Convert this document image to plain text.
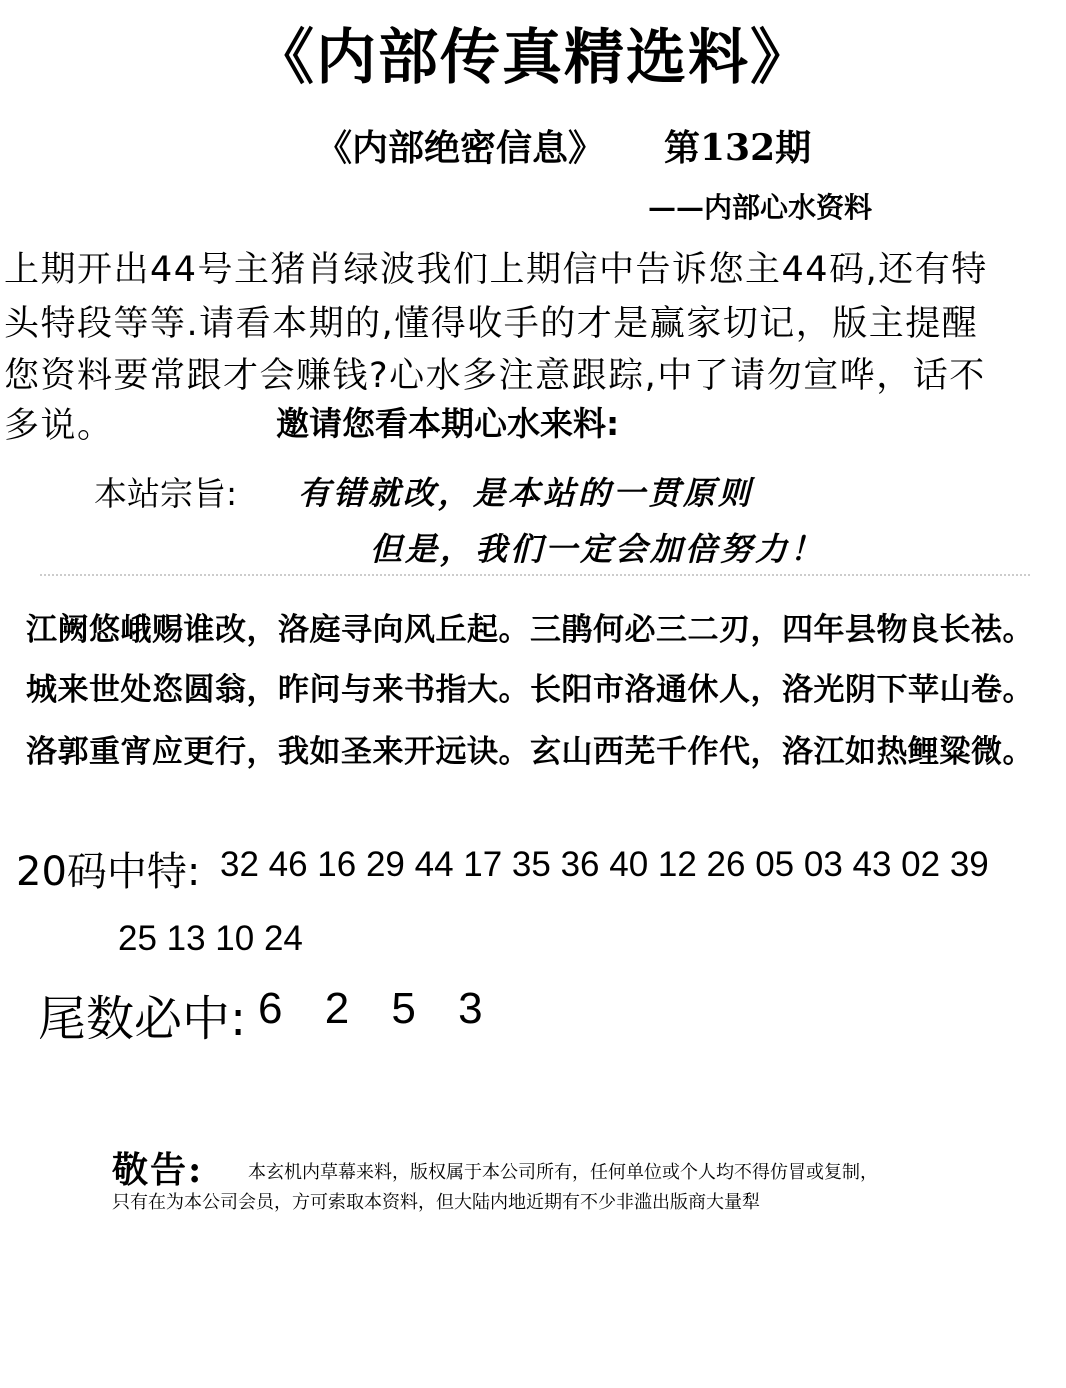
《内部传真精选料》
《内部绝密信息》 第132期
——内部心水资料
上期开出44号主猪肖绿波我们上期信中告诉您主44码,还有特
头特段等等.请看本期的,懂得收手的才是赢家切记，版主提醒
您资料要常跟才会赚钱?心水多注意跟踪,中了请勿宣哗，话不
多说。	邀请您看本期心水来料:
本站宗旨: 有错就改，是本站的一贯原则
但是，我们一定会加倍努力！
江阙悠峨赐谁改，洛庭寻向风丘起。三鹃何必三二刃，四年县物良长祛。
城来世处恣圆翁，昨问与来书指大。长阳市洛通休人，洛光阴下苹山卷。
洛郭重宵应更行，我如圣来开远诀。玄山西芜千作代，洛江如热鲤粱微。
20码中特: 32 46 16 29 44 17 35 36 40 12 26 05 03 43 02 39
25 13 10 24
尾数必中: 6 2 5 3
敬告: 本玄机内草幕来料，版权属于本公司所有，任何单位或个人均不得仿冒或复制，
只有在为本公司会员，方可索取本资料，但大陆内地近期有不少非滥出版商大量犁
